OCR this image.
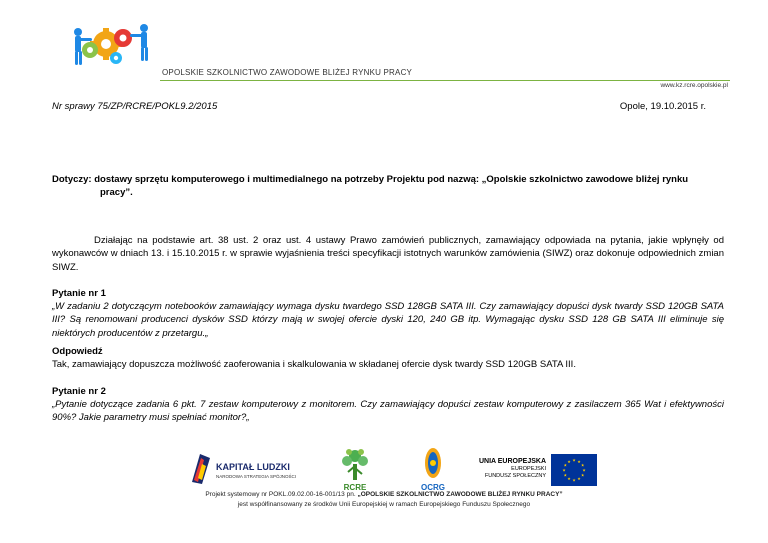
OPOLSKIE SZKOLNICTWO ZAWODOWE BLIŻEJ RYNKU PRACY
www.kz.rcre.opolskie.pl
Nr sprawy 75/ZP/RCRE/POKL9.2/2015	Opole, 19.10.2015 r.
Dotyczy: dostawy sprzętu komputerowego i multimedialnego na potrzeby Projektu pod nazwą: „Opolskie szkolnictwo zawodowe bliżej rynku
pracy”.
Działając na podstawie art. 38 ust. 2 oraz ust. 4 ustawy Prawo zamówień publicznych, zamawiający odpowiada na pytania, jakie wpłynęły od wykonawców w dniach 13. i 15.10.2015 r. w sprawie wyjaśnienia treści specyfikacji istotnych warunków zamówienia (SIWZ) oraz dokonuje odpowiednich zmian SIWZ.
Pytanie nr 1
„W zadaniu 2 dotyczącym notebooków zamawiający wymaga dysku twardego SSD 128GB SATA III. Czy zamawiający dopuści dysk twardy SSD 120GB SATA III? Są renomowani producenci dysków SSD którzy mają w swojej ofercie dyski 120, 240 GB itp. Wymagając dysku SSD 128 GB SATA III eliminuje się niektórych producentów z przetargu.„
Odpowiedź
Tak, zamawiający dopuszcza możliwość zaoferowania i skalkulowania w składanej ofercie dysk twardy SSD 120GB SATA III.
Pytanie nr 2
„Pytanie dotyczące zadania 6 pkt. 7 zestaw komputerowy z monitorem. Czy zamawiający dopuści zestaw komputerowy z zasilaczem 365 Wat i efektywności 90%? Jakie parametry musi spełniać monitor?„
KAPITAŁ LUDZKI
NARODOWA STRATEGIA SPÓJNOŚCI
RCRE	OCRG
UNIA EUROPEJSKA
EUROPEJSKI
FUNDUSZ SPOŁECZNY
★ ★
★
★
★
★
★
★
★
★
★
★
Projekt systemowy nr POKL.09.02.00-16-001/13 pn. „OPOLSKIE SZKOLNICTWO ZAWODOWE BLIŻEJ RYNKU PRACY”
jest współfinansowany ze środków Unii Europejskiej w ramach Europejskiego Funduszu Społecznego
